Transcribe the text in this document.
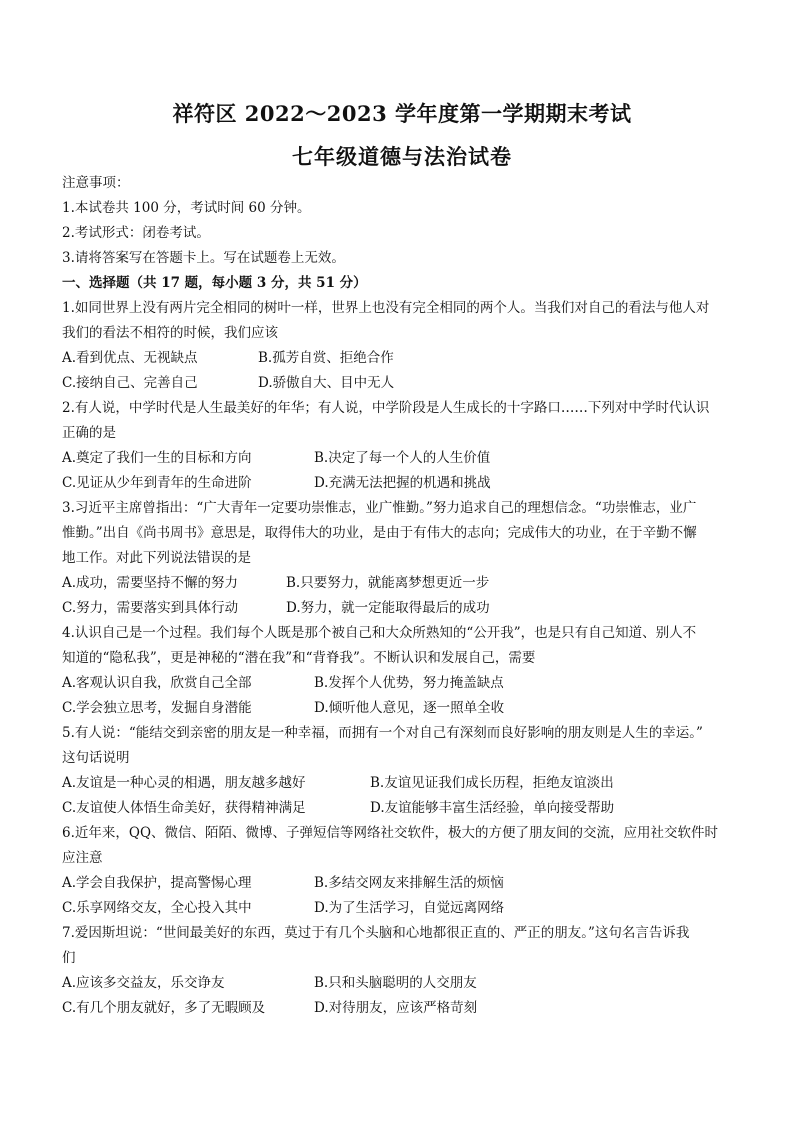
祥符区 2022～2023 学年度第一学期期末考试
七年级道德与法治试卷
注意事项：
1.本试卷共 100 分，考试时间 60 分钟。
2.考试形式：闭卷考试。
3.请将答案写在答题卡上。写在试题卷上无效。
一、选择题（共 17 题，每小题 3 分，共 51 分）
1.如同世界上没有两片完全相同的树叶一样，世界上也没有完全相同的两个人。当我们对自己的看法与他人对
我们的看法不相符的时候，我们应该
A.看到优点、无视缺点	B.孤芳自赏、拒绝合作
C.接纳自己、完善自己	D.骄傲自大、目中无人
2.有人说，中学时代是人生最美好的年华；有人说，中学阶段是人生成长的十字路口……下列对中学时代认识
正确的是
A.奠定了我们一生的目标和方向	B.决定了每一个人的人生价值
C.见证从少年到青年的生命进阶	D.充满无法把握的机遇和挑战
3.习近平主席曾指出：“广大青年一定要功崇惟志，业广惟勤。”努力追求自己的理想信念。“功崇惟志，业广
惟勤。”出自《尚书周书》意思是，取得伟大的功业，是由于有伟大的志向；完成伟大的功业，在于辛勤不懈
地工作。对此下列说法错误的是
A.成功，需要坚持不懈的努力	B.只要努力，就能离梦想更近一步
C.努力，需要落实到具体行动	D.努力，就一定能取得最后的成功
4.认识自己是一个过程。我们每个人既是那个被自己和大众所熟知的“公开我”，也是只有自己知道、别人不
知道的“隐私我”，更是神秘的“潜在我”和“背脊我”。不断认识和发展自己，需要
A.客观认识自我，欣赏自己全部	B.发挥个人优势，努力掩盖缺点
C.学会独立思考，发掘自身潜能	D.倾听他人意见，逐一照单全收
5.有人说：“能结交到亲密的朋友是一种幸福，而拥有一个对自己有深刻而良好影响的朋友则是人生的幸运。”
这句话说明
A.友谊是一种心灵的相遇，朋友越多越好	B.友谊见证我们成长历程，拒绝友谊淡出
C.友谊使人体悟生命美好，获得精神满足	D.友谊能够丰富生活经验，单向接受帮助
6.近年来，QQ、微信、陌陌、微博、子弹短信等网络社交软件，极大的方便了朋友间的交流，应用社交软件时
应注意
A.学会自我保护，提高警惕心理	B.多结交网友来排解生活的烦恼
C.乐享网络交友，全心投入其中	D.为了生活学习，自觉远离网络
7.爱因斯坦说：“世间最美好的东西，莫过于有几个头脑和心地都很正直的、严正的朋友。”这句名言告诉我
们
A.应该多交益友，乐交诤友	B.只和头脑聪明的人交朋友
C.有几个朋友就好，多了无暇顾及	D.对待朋友，应该严格苛刻
